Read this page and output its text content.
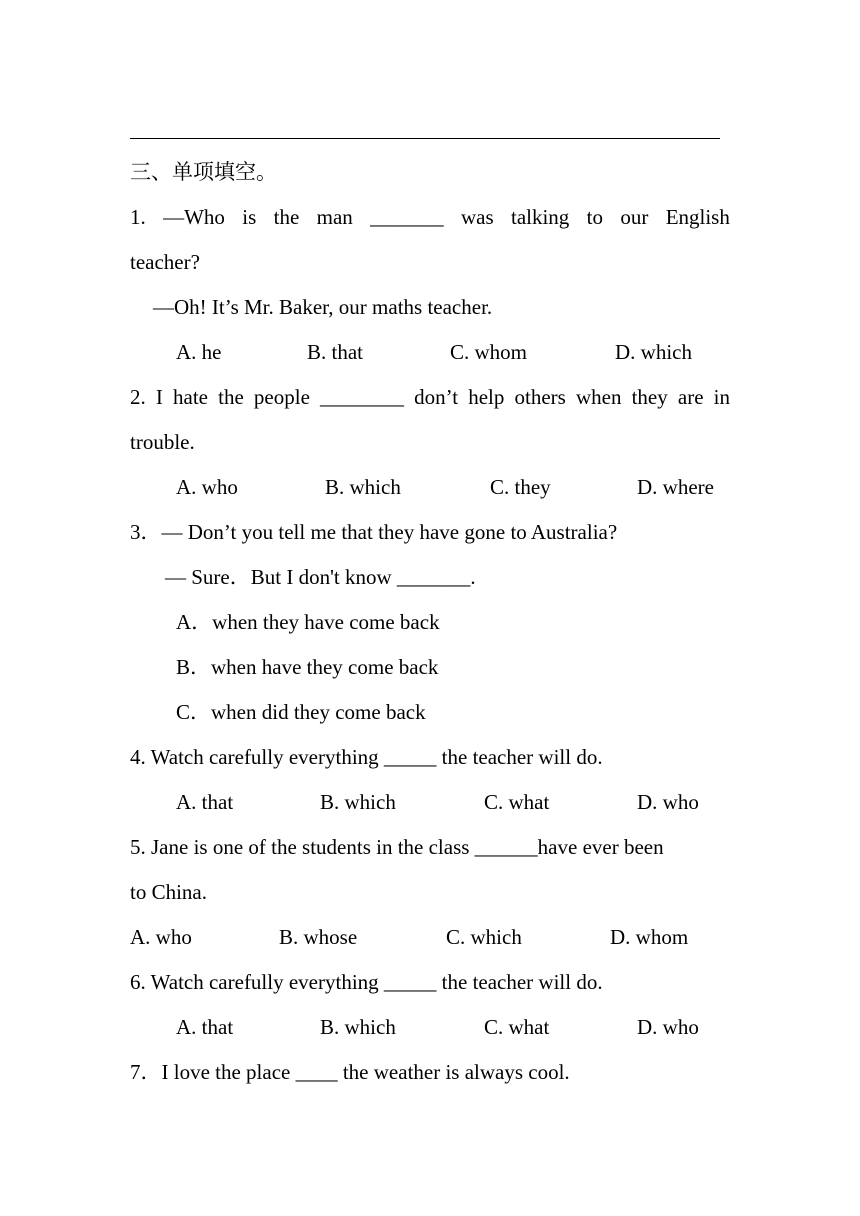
三、单项填空。
1. —Who is the man _______ was talking to our English
teacher?
—Oh! It’s Mr. Baker, our maths teacher.
A. he	B. that	C. whom	D. which
2. I hate the people ________ don’t help others when they are in
trouble.
A. who	B. which	C. they	D. where
3．— Don’t you tell me that they have gone to Australia?
— Sure．But I don't know _______.
A．when they have come back
B．when have they come back
C．when did they come back
4. Watch carefully everything _____ the teacher will do.
A. that	B. which	C. what	D. who
5. Jane is one of the students in the class ______have ever been
to China.
A. who	B. whose	C. which	D. whom
6. Watch carefully everything _____ the teacher will do.
A. that	B. which	C. what	D. who
7．I love the place ____ the weather is always cool.
